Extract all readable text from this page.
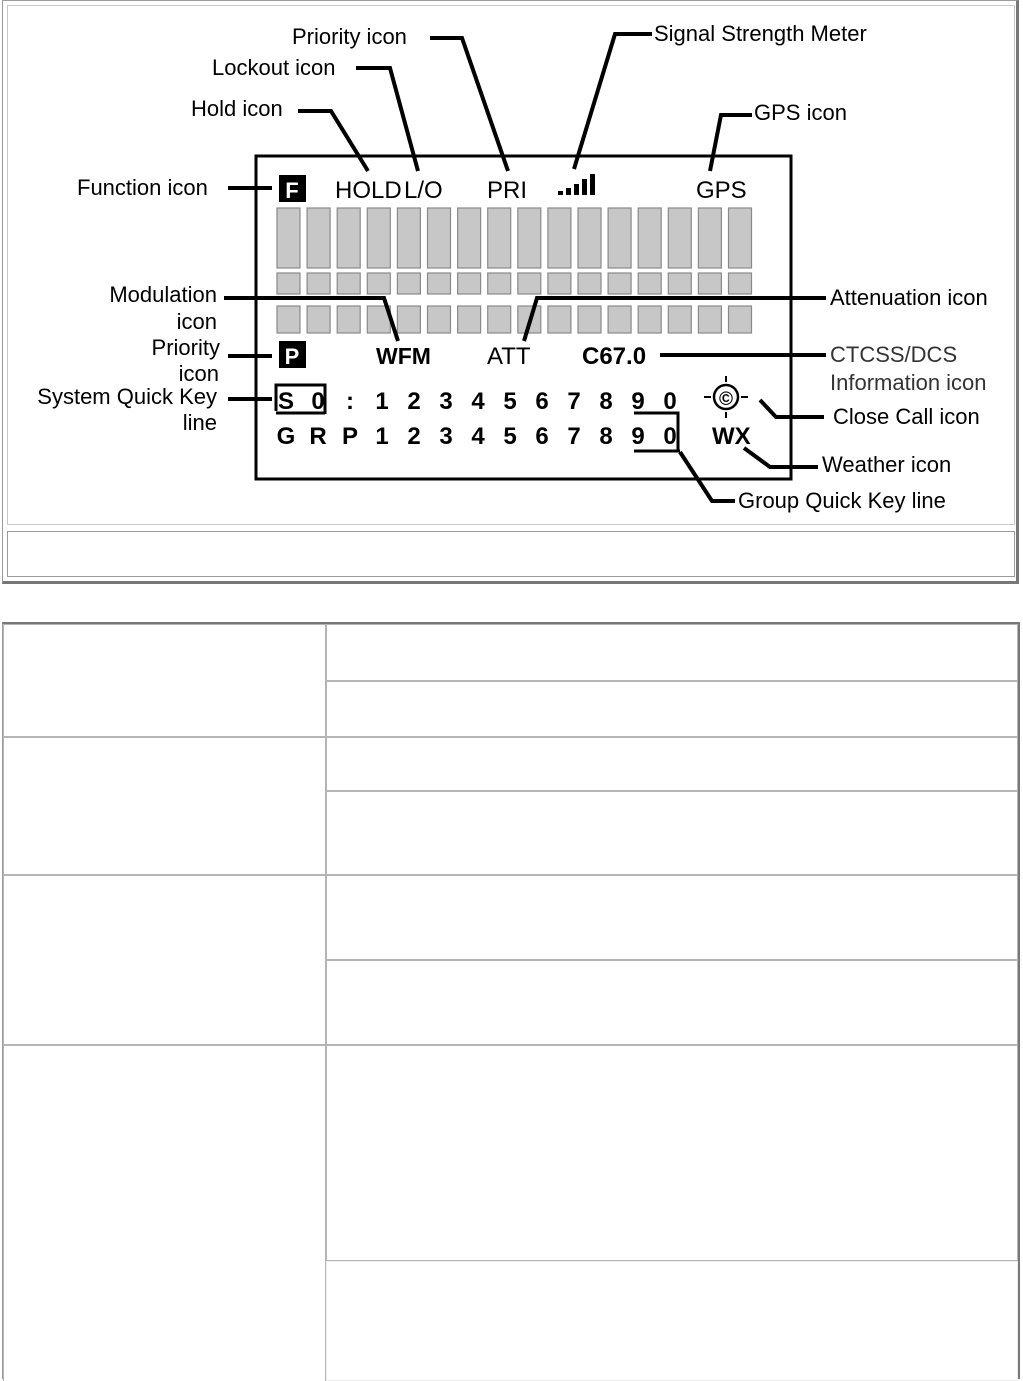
F HOLD L/O PRI	GPS
P	WFM ATT C67.0
©
WX
S 0 : 1 2 3 4 5 6 7 8 9 0
G R P 1 2 3 4 5 6 7 8 9 0
Priority icon
Lockout icon
Hold icon
Signal Strength Meter
GPS icon
Function icon
Modulation
icon
Priority
icon
System Quick Key
line
Attenuation icon
CTCSS/DCS
Information icon
Close Call icon
Weather icon
Group Quick Key line
